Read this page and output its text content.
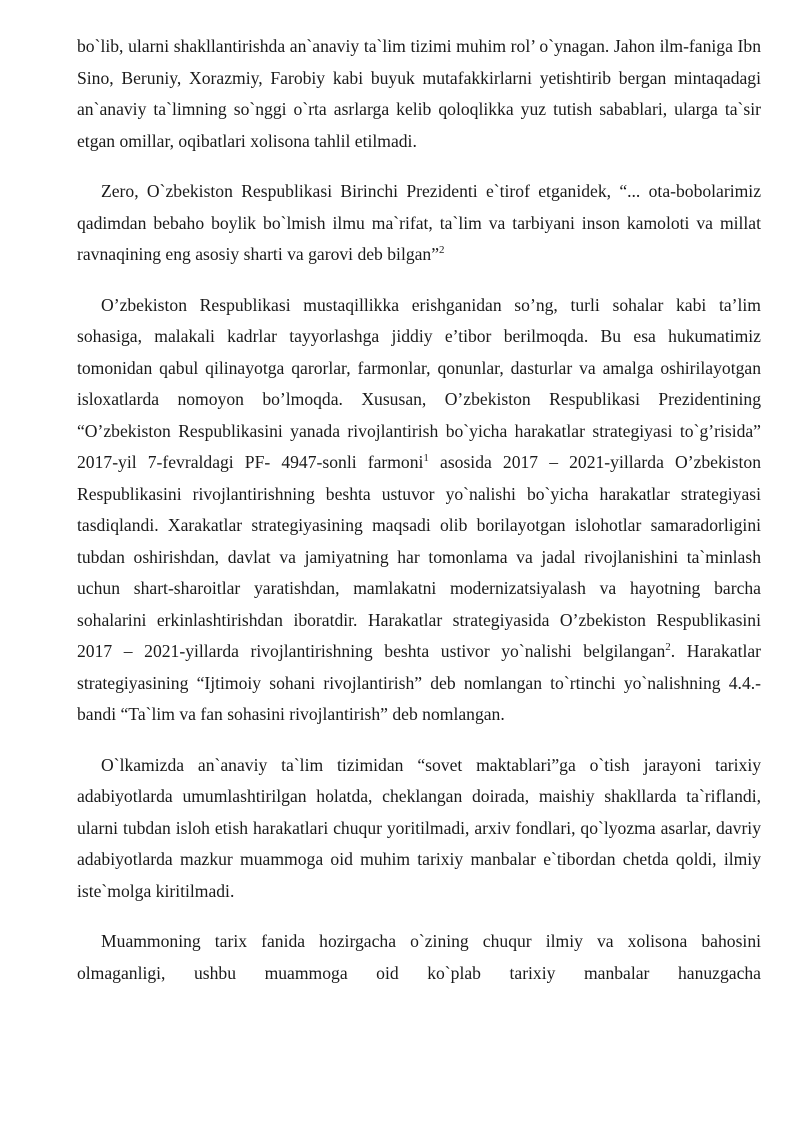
bo`lib, ularni shakllantirishda an`anaviy ta`lim tizimi muhim rol’ o`ynagan. Jahon ilm-faniga Ibn Sino, Beruniy, Xorazmiy, Farobiy kabi buyuk mutafakkirlarni yetishtirib bergan mintaqadagi an`anaviy ta`limning so`nggi o`rta asrlarga kelib qoloqlikka yuz tutish sabablari, ularga ta`sir etgan omillar, oqibatlari xolisona tahlil etilmadi.

Zero, O`zbekiston Respublikasi Birinchi Prezidenti e`tirof etganidek, “... ota-bobolarimiz qadimdan bebaho boylik bo`lmish ilmu ma`rifat, ta`lim va tarbiyani inson kamoloti va millat ravnaqining eng asosiy sharti va garovi deb bilgan”$^2$

O’zbekiston Respublikasi mustaqillikka erishganidan so’ng, turli sohalar kabi ta’lim sohasiga, malakali kadrlar tayyorlashga jiddiy e’tibor berilmoqda. Bu esa hukumatimiz tomonidan qabul qilinayotga qarorlar, farmonlar, qonunlar, dasturlar va amalga oshirilayotgan isloxatlarda nomoyon bo’lmoqda. Xususan, O’zbekiston Respublikasi Prezidentining “O’zbekiston Respublikasini yanada rivojlantirish bo`yicha harakatlar strategiyasi to`g’risida” 2017-yil 7-fevraldagi PF- 4947-sonli farmoni$^1$ asosida 2017 – 2021-yillarda O’zbekiston Respublikasini rivojlantirishning beshta ustuvor yo`nalishi bo`yicha harakatlar strategiyasi tasdiqlandi. Xarakatlar strategiyasining maqsadi olib borilayotgan islohotlar samaradorligini tubdan oshirishdan, davlat va jamiyatning har tomonlama va jadal rivojlanishini ta`minlash uchun shart-sharoitlar yaratishdan, mamlakatni modernizatsiyalash va hayotning barcha sohalarini erkinlashtirishdan iboratdir. Harakatlar strategiyasida O’zbekiston Respublikasini 2017 – 2021-yillarda rivojlantirishning beshta ustivor yo`nalishi belgilangan$^2$. Harakatlar strategiyasining “Ijtimoiy sohani rivojlantirish” deb nomlangan to`rtinchi yo`nalishning 4.4.- bandi “Ta`lim va fan sohasini rivojlantirish” deb nomlangan.

O`lkamizda an`anaviy ta`lim tizimidan “sovet maktablari”ga o`tish jarayoni tarixiy adabiyotlarda umumlashtirilgan holatda, cheklangan doirada, maishiy shakllarda ta`riflandi, ularni tubdan isloh etish harakatlari chuqur yoritilmadi, arxiv fondlari, qo`lyozma asarlar, davriy adabiyotlarda mazkur muammoga oid muhim tarixiy manbalar e`tibordan chetda qoldi, ilmiy iste`molga kiritilmadi.

Muammoning tarix fanida hozirgacha o`zining chuqur ilmiy va xolisona bahosini olmaganligi, ushbu muammoga oid ko`plab tarixiy manbalar hanuzgacha
